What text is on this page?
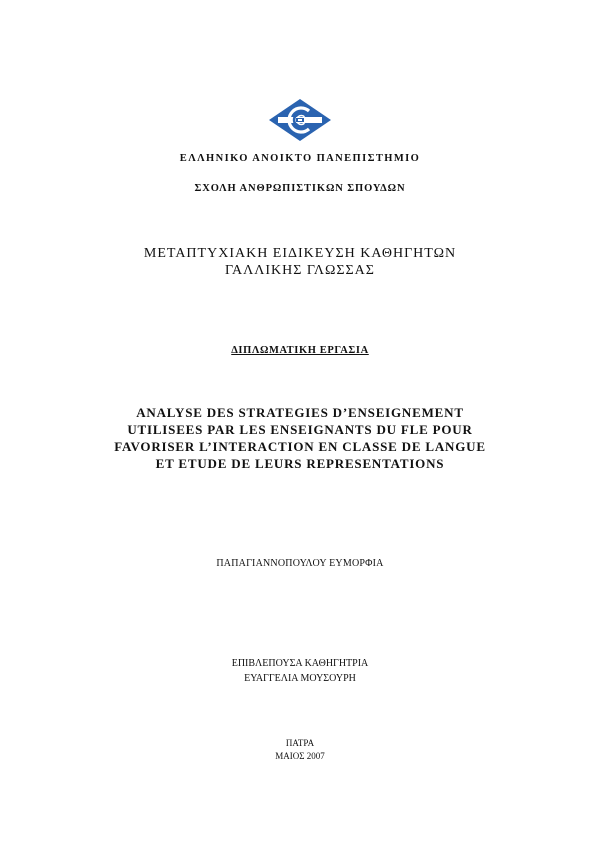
ΕΛΛΗΝΙΚΟ ΑΝΟΙΚΤΟ ΠΑΝΕΠΙΣΤΗΜΙΟ
ΣΧΟΛΗ ΑΝΘΡΩΠΙΣΤΙΚΩΝ ΣΠΟΥΔΩΝ
ΜΕΤΑΠΤΥΧΙΑΚΗ ΕΙΔΙΚΕΥΣΗ ΚΑΘΗΓΗΤΩΝ
ΓΑΛΛΙΚΗΣ ΓΛΩΣΣΑΣ
ΔΙΠΛΩΜΑΤΙΚΗ ΕΡΓΑΣΙΑ
ANALYSE DES STRATEGIES D’ENSEIGNEMENT
UTILISEES PAR LES ENSEIGNANTS DU FLE POUR
FAVORISER L’INTERACTION EN CLASSE DE LANGUE
ET ETUDE DE LEURS REPRESENTATIONS
ΠΑΠΑΓΙΑΝΝΟΠΟΥΛΟΥ ΕΥΜΟΡΦΙΑ
ΕΠΙΒΛΕΠΟΥΣΑ ΚΑΘΗΓΗΤΡΙΑ
ΕΥΑΓΓΕΛΙΑ ΜΟΥΣΟΥΡΗ
ΠΑΤΡΑ
ΜΑΙΟΣ 2007
